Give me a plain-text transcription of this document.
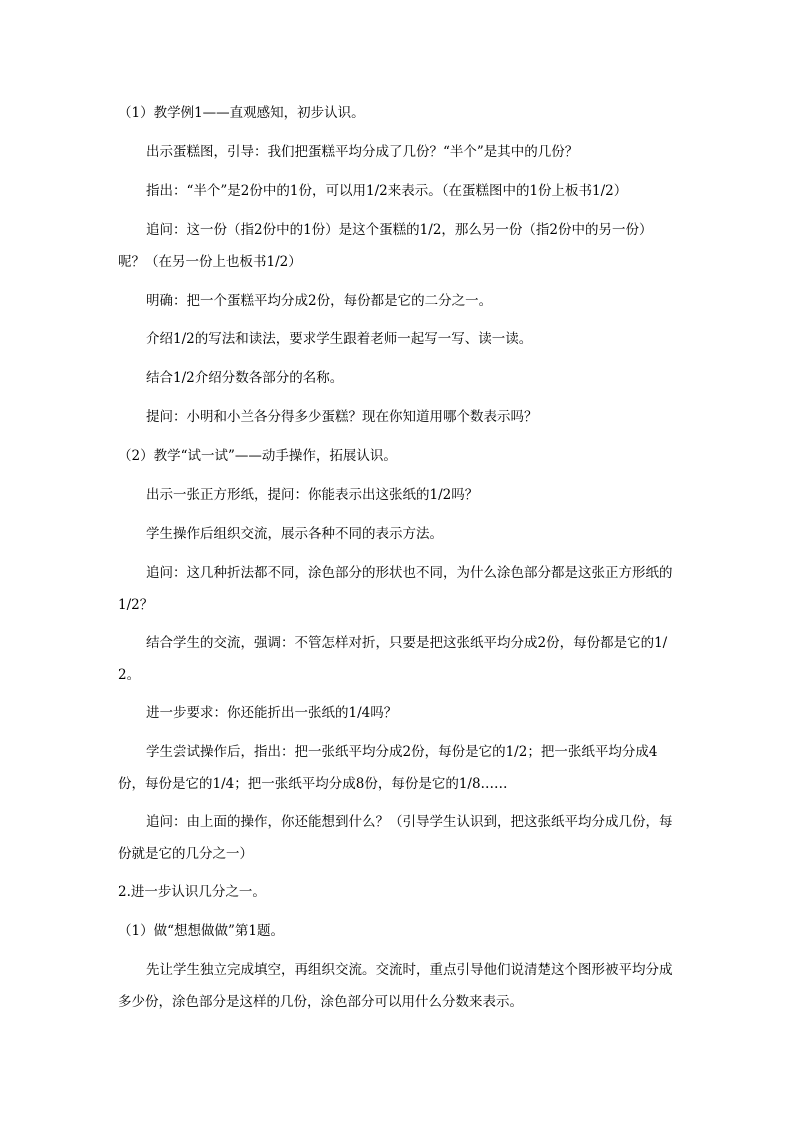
（1）教学例1——直观感知，初步认识。

出示蛋糕图，引导：我们把蛋糕平均分成了几份？“半个”是其中的几份？

指出：“半个”是2份中的1份，可以用1/2来表示。（在蛋糕图中的1份上板书1/2）

追问：这一份（指2份中的1份）是这个蛋糕的1/2，那么另一份（指2份中的另一份）呢？（在另一份上也板书1/2）

明确：把一个蛋糕平均分成2份，每份都是它的二分之一。

介绍1/2的写法和读法，要求学生跟着老师一起写一写、读一读。

结合1/2介绍分数各部分的名称。

提问：小明和小兰各分得多少蛋糕？现在你知道用哪个数表示吗？

（2）教学“试一试”——动手操作，拓展认识。

出示一张正方形纸，提问：你能表示出这张纸的1/2吗？

学生操作后组织交流，展示各种不同的表示方法。

追问：这几种折法都不同，涂色部分的形状也不同，为什么涂色部分都是这张正方形纸的1/2？

结合学生的交流，强调：不管怎样对折，只要是把这张纸平均分成2份，每份都是它的1/2。

进一步要求：你还能折出一张纸的1/4吗？

学生尝试操作后，指出：把一张纸平均分成2份，每份是它的1/2；把一张纸平均分成4份，每份是它的1/4；把一张纸平均分成8份，每份是它的1/8……

追问：由上面的操作，你还能想到什么？（引导学生认识到，把这张纸平均分成几份，每份就是它的几分之一）

2.进一步认识几分之一。

（1）做“想想做做”第1题。

先让学生独立完成填空，再组织交流。交流时，重点引导他们说清楚这个图形被平均分成多少份，涂色部分是这样的几份，涂色部分可以用什么分数来表示。
